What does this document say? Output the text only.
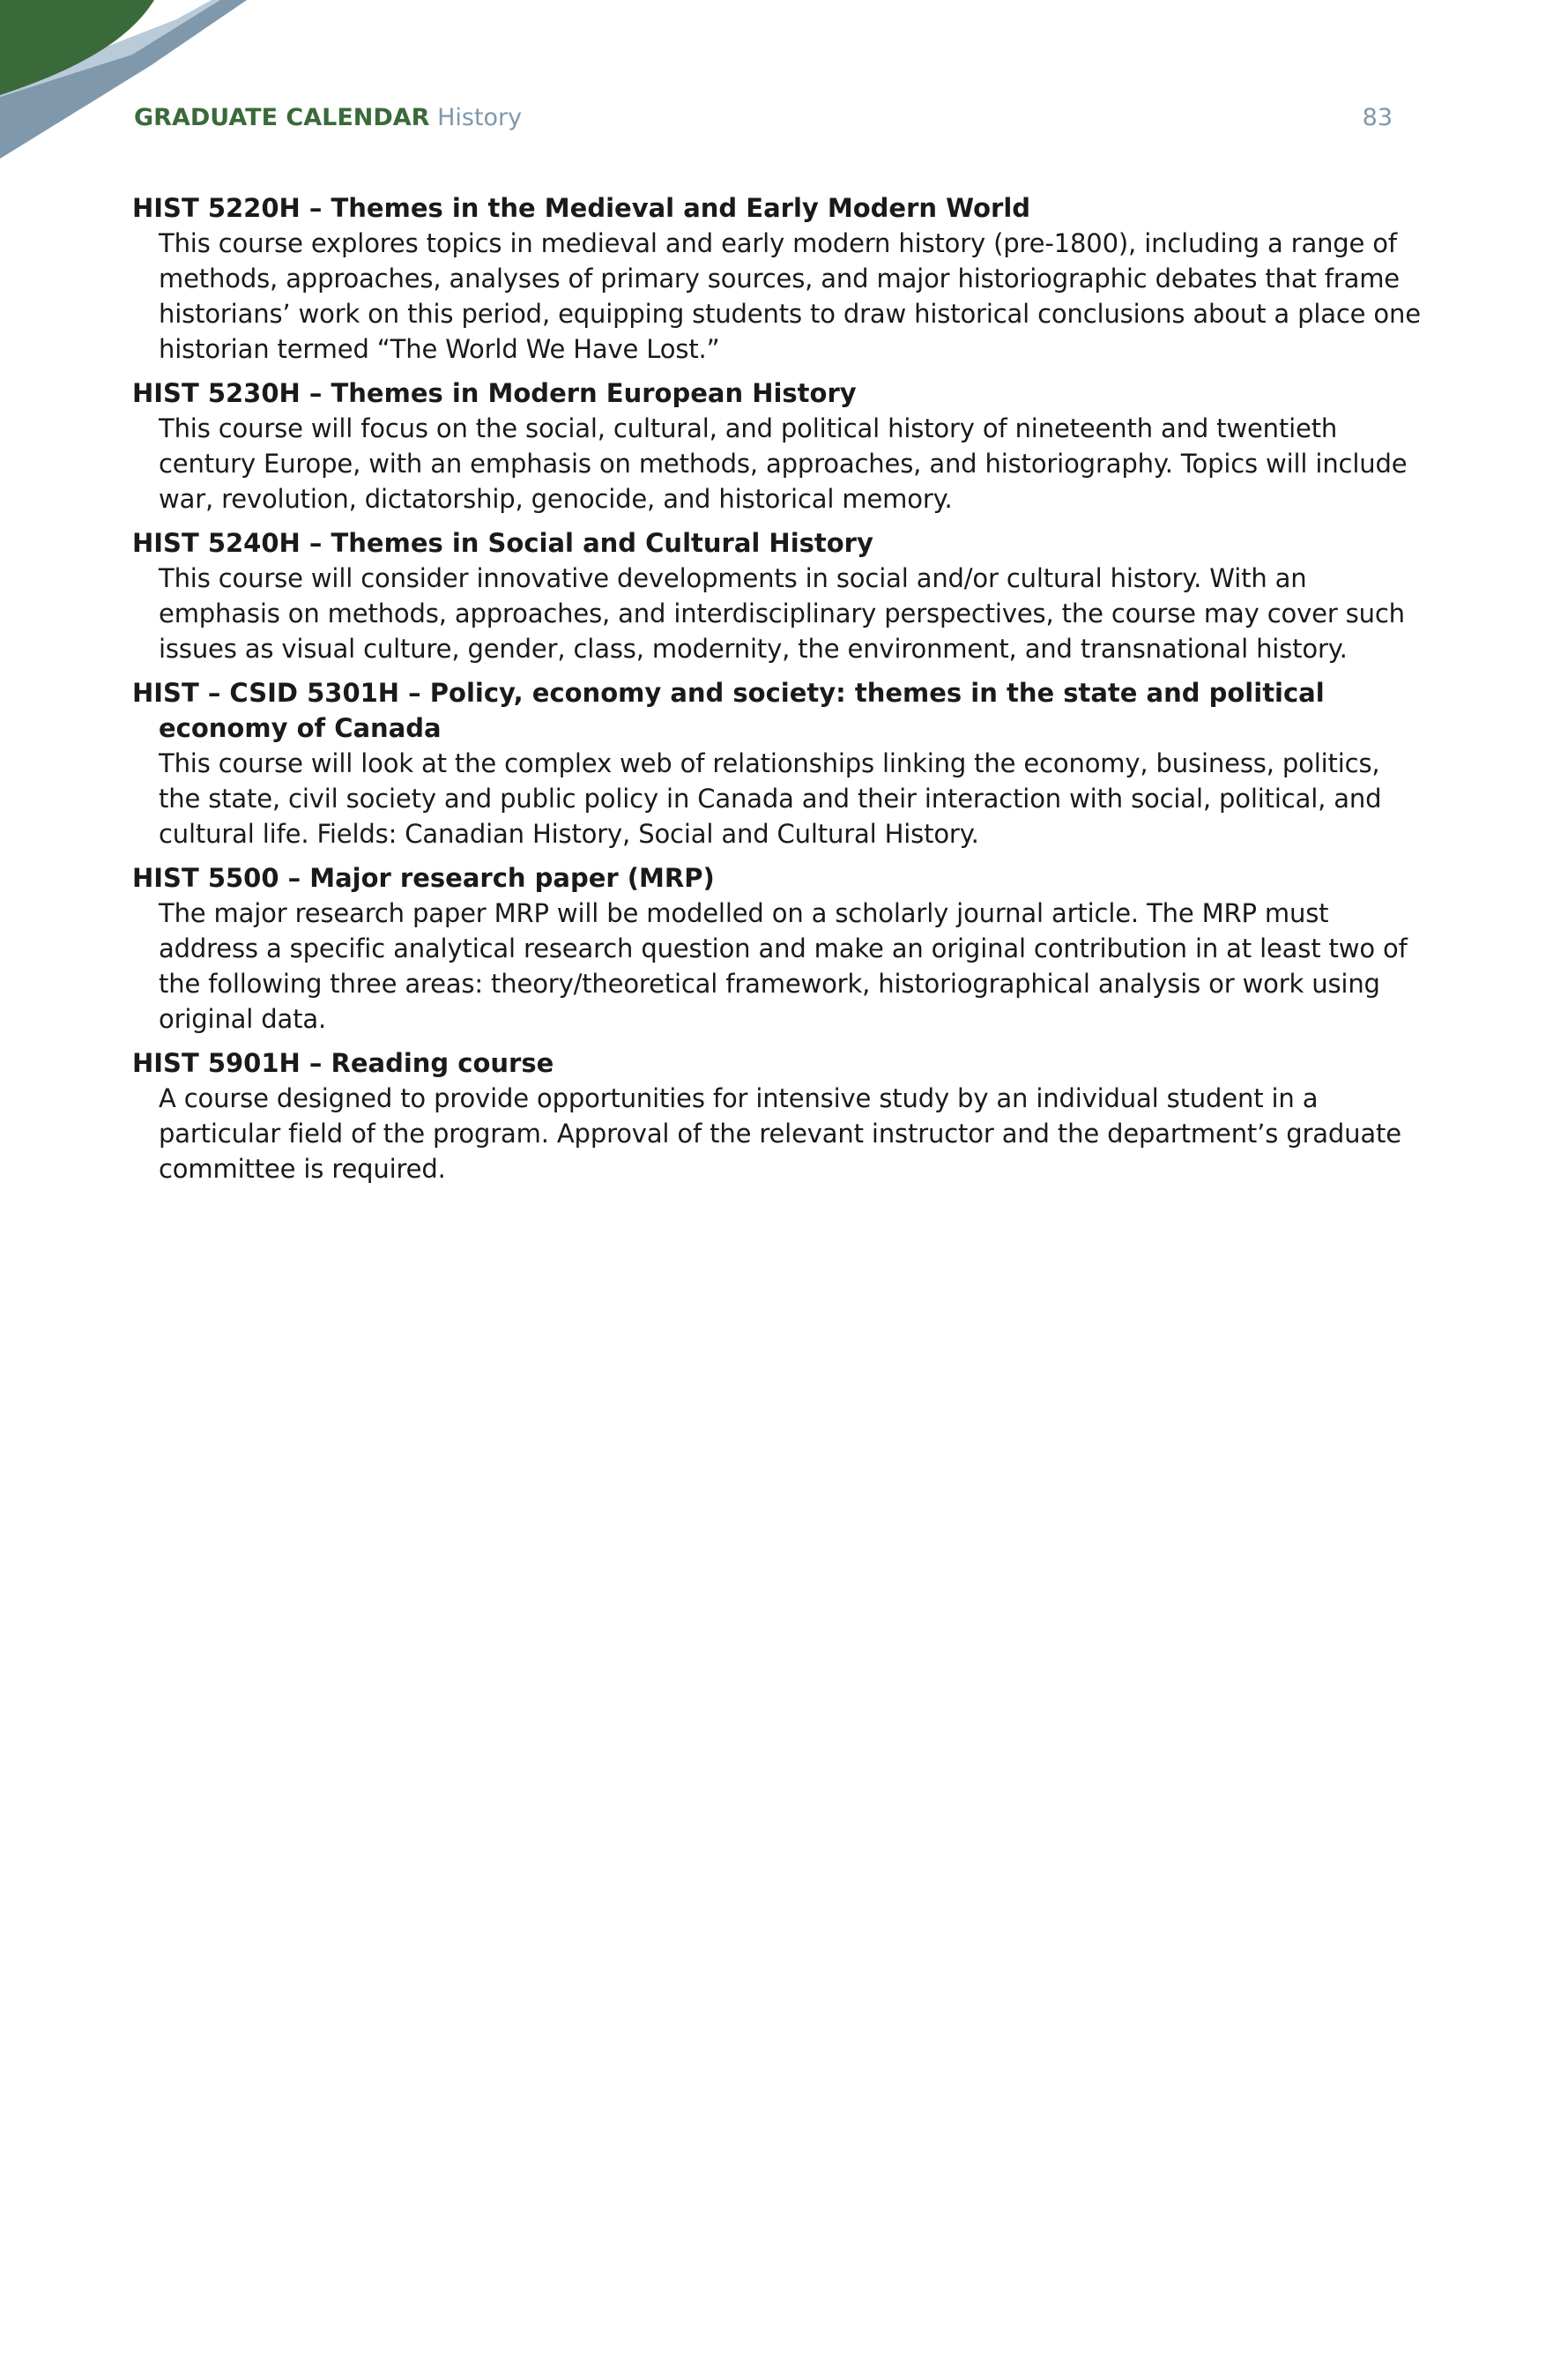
GRADUATE CALENDAR History	83
HIST 5220H – Themes in the Medieval and Early Modern World
This course explores topics in medieval and early modern history (pre-1800), including a range of methods, approaches, analyses of primary sources, and major historiographic debates that frame historians’ work on this period, equipping students to draw historical conclusions about a place one historian termed “The World We Have Lost.”
HIST 5230H – Themes in Modern European History
This course will focus on the social, cultural, and political history of nineteenth and twentieth century Europe, with an emphasis on methods, approaches, and historiography. Topics will include war, revolution, dictatorship, genocide, and historical memory.
HIST 5240H – Themes in Social and Cultural History
This course will consider innovative developments in social and/or cultural history. With an emphasis on methods, approaches, and interdisciplinary perspectives, the course may cover such issues as visual culture, gender, class, modernity, the environment, and transnational history.
HIST – CSID 5301H – Policy, economy and society: themes in the state and political economy of Canada
This course will look at the complex web of relationships linking the economy, business, politics, the state, civil society and public policy in Canada and their interaction with social, political, and cultural life. Fields: Canadian History, Social and Cultural History.
HIST 5500 – Major research paper (MRP)
The major research paper MRP will be modelled on a scholarly journal article. The MRP must address a specific analytical research question and make an original contribution in at least two of the following three areas: theory/theoretical framework, historiographical analysis or work using original data.
HIST 5901H – Reading course
A course designed to provide opportunities for intensive study by an individual student in a particular field of the program. Approval of the relevant instructor and the department’s graduate committee is required.
